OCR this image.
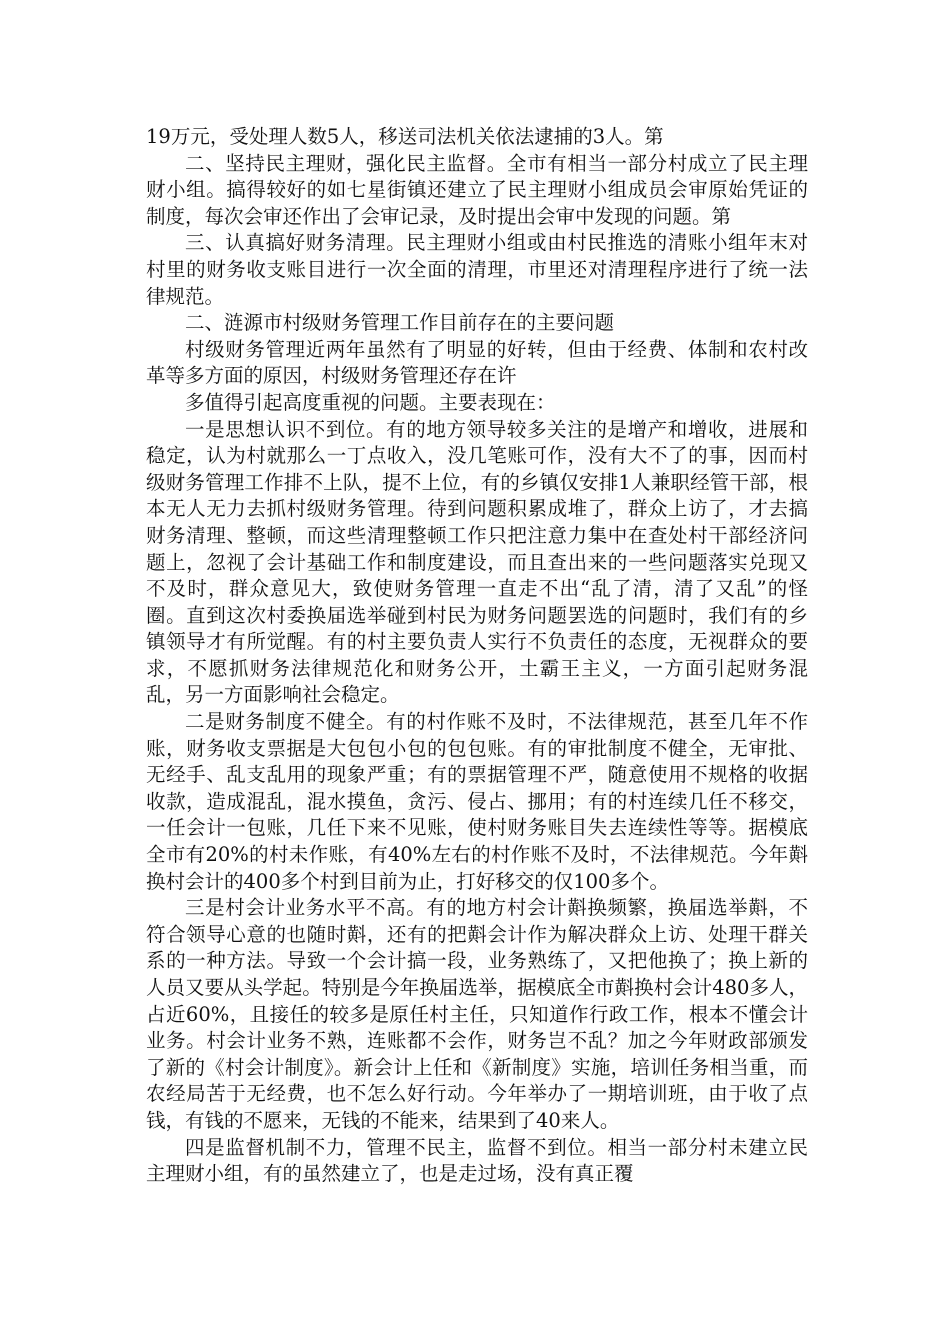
19万元，受处理人数5人，移送司法机关依法逮捕的3人。第

二、坚持民主理财，强化民主监督。全市有相当一部分村成立了民主理财小组。搞得较好的如七星街镇还建立了民主理财小组成员会审原始凭证的制度，每次会审还作出了会审记录，及时提出会审中发现的问题。第

三、认真搞好财务清理。民主理财小组或由村民推选的清账小组年末对村里的财务收支账目进行一次全面的清理，市里还对清理程序进行了统一法律规范。

二、涟源市村级财务管理工作目前存在的主要问题

村级财务管理近两年虽然有了明显的好转，但由于经费、体制和农村改革等多方面的原因，村级财务管理还存在许

多值得引起高度重视的问题。主要表现在：

一是思想认识不到位。有的地方领导较多关注的是增产和增收，进展和稳定，认为村就那么一丁点收入，没几笔账可作，没有大不了的事，因而村级财务管理工作排不上队，提不上位，有的乡镇仅安排1人兼职经管干部，根本无人无力去抓村级财务管理。待到问题积累成堆了，群众上访了，才去搞财务清理、整顿，而这些清理整顿工作只把注意力集中在查处村干部经济问题上，忽视了会计基础工作和制度建设，而且查出来的一些问题落实兑现又不及时，群众意见大，致使财务管理一直走不出“乱了清，清了又乱”的怪圈。直到这次村委换届选举碰到村民为财务问题罢选的问题时，我们有的乡镇领导才有所觉醒。有的村主要负责人实行不负责任的态度，无视群众的要求，不愿抓财务法律规范化和财务公开，土霸王主义，一方面引起财务混乱，另一方面影响社会稳定。

二是财务制度不健全。有的村作账不及时，不法律规范，甚至几年不作账，财务收支票据是大包包小包的包包账。有的审批制度不健全，无审批、无经手、乱支乱用的现象严重；有的票据管理不严，随意使用不规格的收据收款，造成混乱，混水摸鱼，贪污、侵占、挪用；有的村连续几任不移交，一任会计一包账，几任下来不见账，使村财务账目失去连续性等等。据模底全市有20%的村未作账，有40%左右的村作账不及时，不法律规范。今年斢换村会计的400多个村到目前为止，打好移交的仅100多个。

三是村会计业务水平不高。有的地方村会计斢换频繁，换届选举斢，不符合领导心意的也随时斢，还有的把斢会计作为解决群众上访、处理干群关系的一种方法。导致一个会计搞一段，业务熟练了，又把他换了；换上新的人员又要从头学起。特别是今年换届选举，据模底全市斢换村会计480多人，占近60%，且接任的较多是原任村主任，只知道作行政工作，根本不懂会计业务。村会计业务不熟，连账都不会作，财务岂不乱？加之今年财政部颁发了新的《村会计制度》。新会计上任和《新制度》实施，培训任务相当重，而农经局苦于无经费，也不怎么好行动。今年举办了一期培训班，由于收了点钱，有钱的不愿来，无钱的不能来，结果到了40来人。

四是监督机制不力，管理不民主，监督不到位。相当一部分村未建立民主理财小组，有的虽然建立了，也是走过场，没有真正覆
